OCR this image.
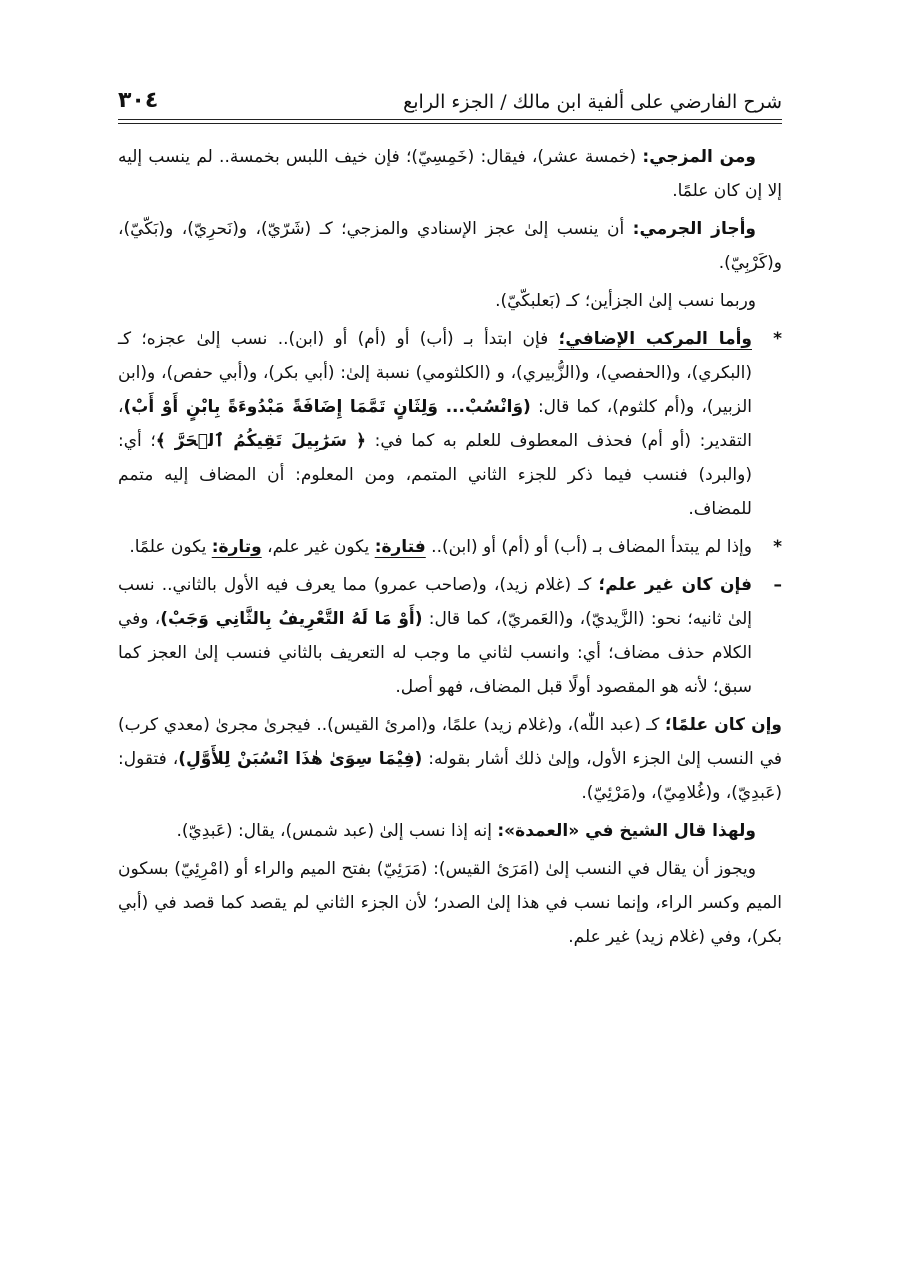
شرح الفارضي على ألفية ابن مالك / الجزء الرابع
٣٠٤

ومن المزجي: (خمسة عشر)، فيقال: (خَمِسِيّ)؛ فإن خيف اللبس بخمسة.. لم ينسب إليه إلا إن كان علمًا.

وأجاز الجرمي: أن ينسب إلىٰ عجز الإسنادي والمزجي؛ كـ (شَرّيّ)، و(نَحرِيّ)، و(بَكّيّ)، و(كَرْبِيّ).

وربما نسب إلىٰ الجزأين؛ كـ (بَعلبكّيّ).

*
وأما المركب الإضافي؛ فإن ابتدأ بـ (أب) أو (أم) أو (ابن).. نسب إلىٰ عجزه؛ كـ (البكري)، و(الحفصي)، و(الزُّبيري)، و (الكلثومي) نسبة إلىٰ: (أبي بكر)، و(أبي حفص)، و(ابن الزبير)، و(أم كلثوم)، كما قال: (وَانْسُبْ... وَلِثَانٍ تَمَّمَا إِضَافَةً مَبْدُوءَةً بِابْنٍ أَوْ أَبْ)، التقدير: (أو أم) فحذف المعطوف للعلم به كما في: ﴿ سَرَٰبِيلَ تَقِيكُمُ ٱلۡحَرَّ ﴾؛ أي: (والبرد) فنسب فيما ذكر للجزء الثاني المتمم، ومن المعلوم: أن المضاف إليه متمم للمضاف.
*
وإذا لم يبتدأ المضاف بـ (أب) أو (أم) أو (ابن).. فتارة: يكون غير علم، وتارة: يكون علمًا.
–
فإن كان غير علم؛ كـ (غلام زيد)، و(صاحب عمرو) مما يعرف فيه الأول بالثاني.. نسب إلىٰ ثانيه؛ نحو: (الزَّيديّ)، و(العَمريّ)، كما قال: (أَوْ مَا لَهُ التَّعْرِيفُ بِالثَّانِي وَجَبْ)، وفي الكلام حذف مضاف؛ أي: وانسب لثاني ما وجب له التعريف بالثاني فنسب إلىٰ العجز كما سبق؛ لأنه هو المقصود أولًا قبل المضاف، فهو أصل.

وإن كان علمًا؛ كـ (عبد اللّٰه)، و(غلام زيد) علمًا، و(امرئ القيس).. فيجرىٰ مجرىٰ (معدي كرب) في النسب إلىٰ الجزء الأول، وإلىٰ ذلك أشار بقوله: (فِيْمَا سِوَىٰ هٰذَا انْسُبَنْ لِلأَوَّلِ)، فتقول: (عَبدِيّ)، و(غُلامِيّ)، و(مَرْئِيّ).

ولهذا قال الشيخ في «العمدة»: إنه إذا نسب إلىٰ (عبد شمس)، يقال: (عَبدِيّ).

ويجوز أن يقال في النسب إلىٰ (امَرَئ القيس): (مَرَئِيّ) بفتح الميم والراء أو (امْرِئِيّ) بسكون الميم وكسر الراء، وإنما نسب في هذا إلىٰ الصدر؛ لأن الجزء الثاني لم يقصد كما قصد في (أبي بكر)، وفي (غلام زيد) غير علم.
